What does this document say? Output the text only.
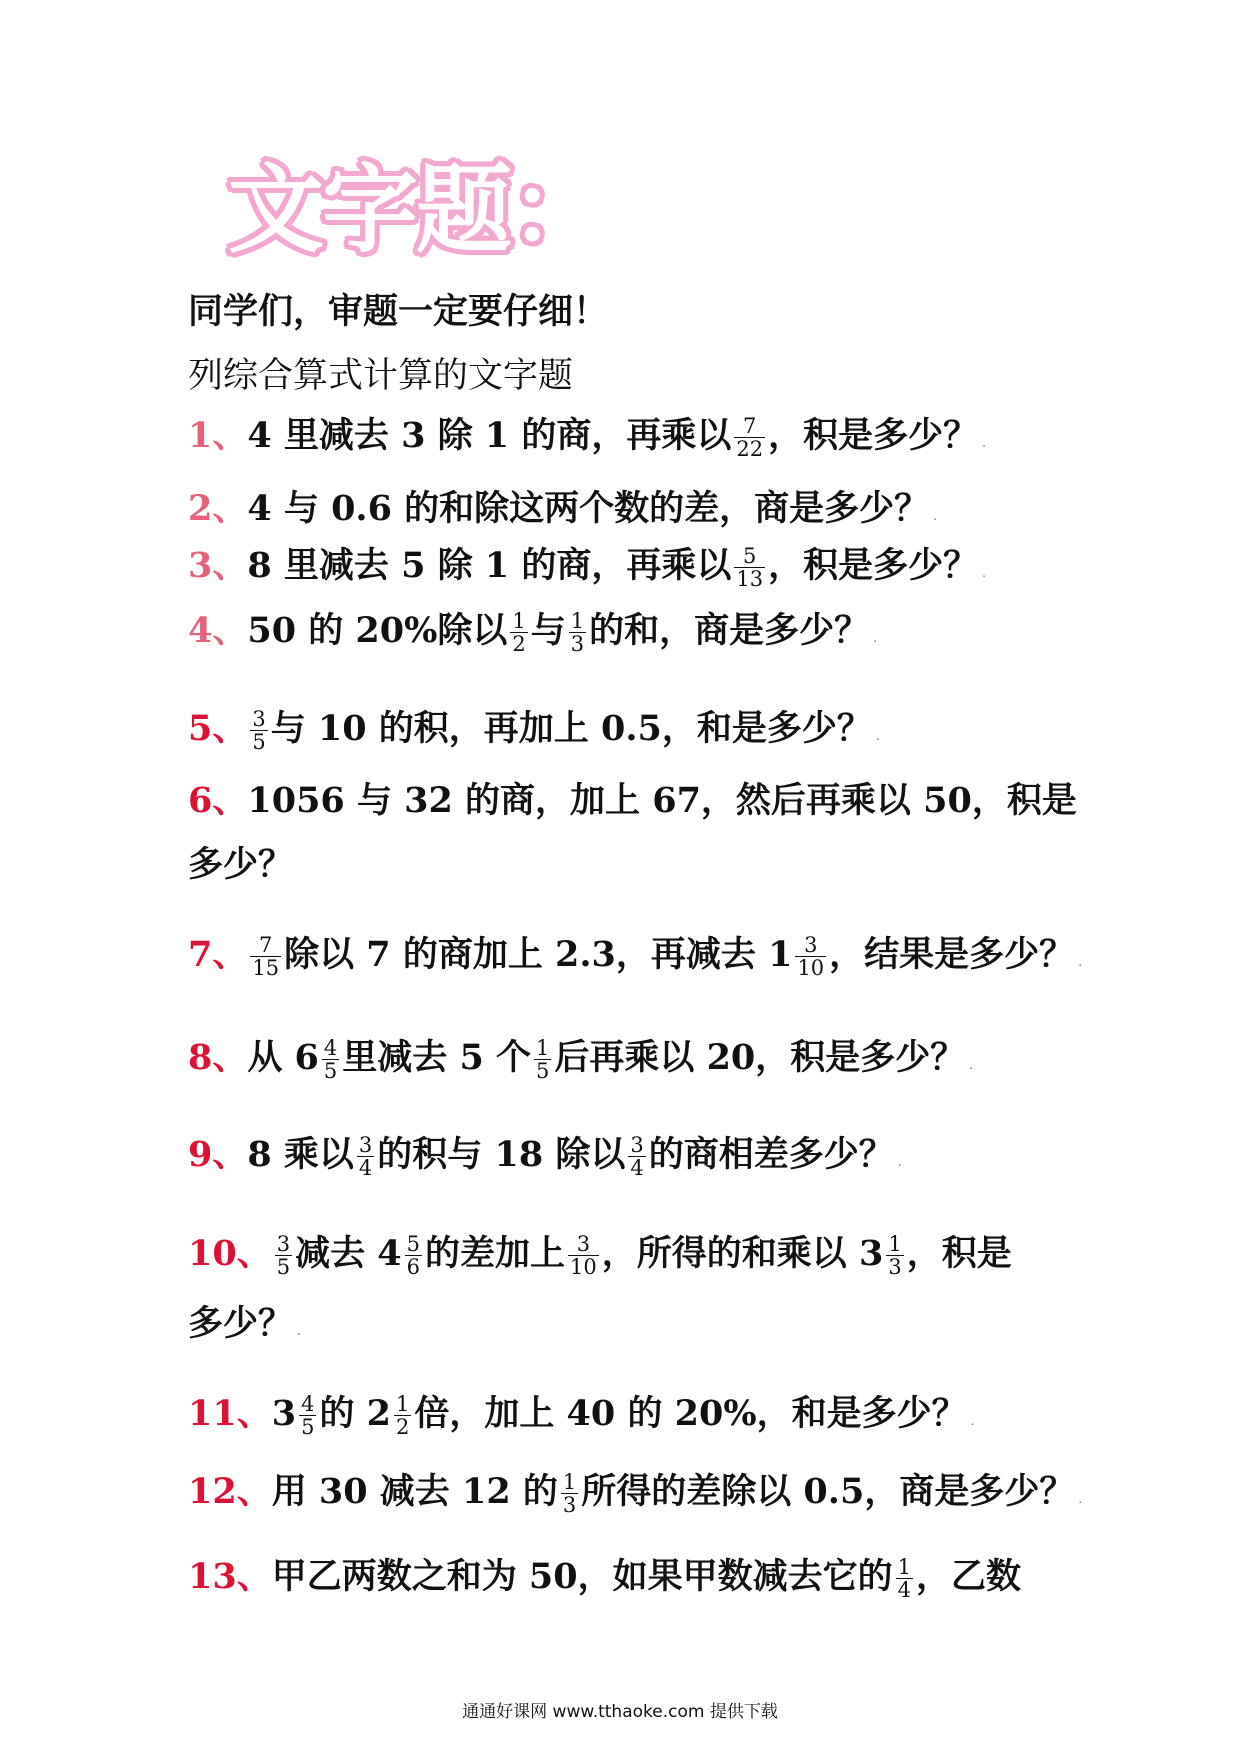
文字题：
同学们，审题一定要仔细！
列综合算式计算的文字题
1、4 里减去 3 除 1 的商，再乘以 $\frac{7}{22}$ ，积是多少？ .
2、4 与 0.6 的和除这两个数的差，商是多少？ .
3、8 里减去 5 除 1 的商，再乘以 $\frac{5}{13}$ ，积是多少？ .
4、50 的 20%除以 $\frac{1}{2}$ 与 $\frac{1}{3}$ 的和，商是多少？ .
5、 $\frac{3}{5}$ 与 10 的积，再加上 0.5，和是多少？ .
6、1056 与 32 的商，加上 67，然后再乘以 50，积是
多少？
7、 $\frac{7}{15}$ 除以 7 的商加上 2.3，再减去 $1 \frac{3}{10}$ ，结果是多少？ .
8、从 $6 \frac{4}{5}$ 里减去 5 个 $\frac{1}{5}$ 后再乘以 20，积是多少？ .
9、8 乘以 $\frac{3}{4}$ 的积与 18 除以 $\frac{3}{4}$ 的商相差多少？ .
10、 $\frac{3}{5}$ 减去 $4 \frac{5}{6}$ 的差加上 $\frac{3}{10}$ ，所得的和乘以 $3 \frac{1}{3}$ ，积是
多少？ .
11、$3 \frac{4}{5}$ 的 $2 \frac{1}{2}$ 倍，加上 40 的 20%，和是多少？ .
12、用 30 减去 12 的 $\frac{1}{3}$ 所得的差除以 0.5，商是多少？ .
13、甲乙两数之和为 50，如果甲数减去它的 $\frac{1}{4}$ ，乙数
通通好课网 www.tthaoke.com 提供下载
